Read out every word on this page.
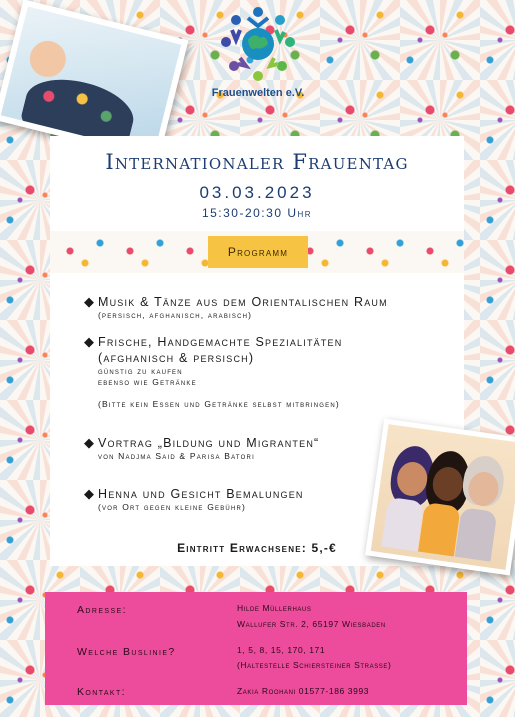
Frauenwelten e.V.
Internationaler Frauentag
03.03.2023
15:30-20:30 Uhr
Programm
◆ Musik & Tänze aus dem Orientalischen Raum
(persisch, afghanisch, arabisch)
◆ Frische, Handgemachte Spezialitäten
(afghanisch & persisch)
günstig zu kaufen
ebenso wie Getränke
(Bitte kein Essen und Getränke selbst mitbringen)
◆ Vortrag „Bildung und Migranten“
von Nadjma Said & Parisa Batori
◆ Henna und Gesicht Bemalungen
(vor Ort gegen kleine Gebühr)
Eintritt Erwachsene: 5,-€
Adresse:	Hilde Müllerhaus
Wallufer Str. 2, 65197 Wiesbaden
Welche Buslinie?	1, 5, 8, 15, 170, 171
(Haltestelle Schiersteiner Strasse)
Kontakt:	Zakia Roohani 01577-186 3993
